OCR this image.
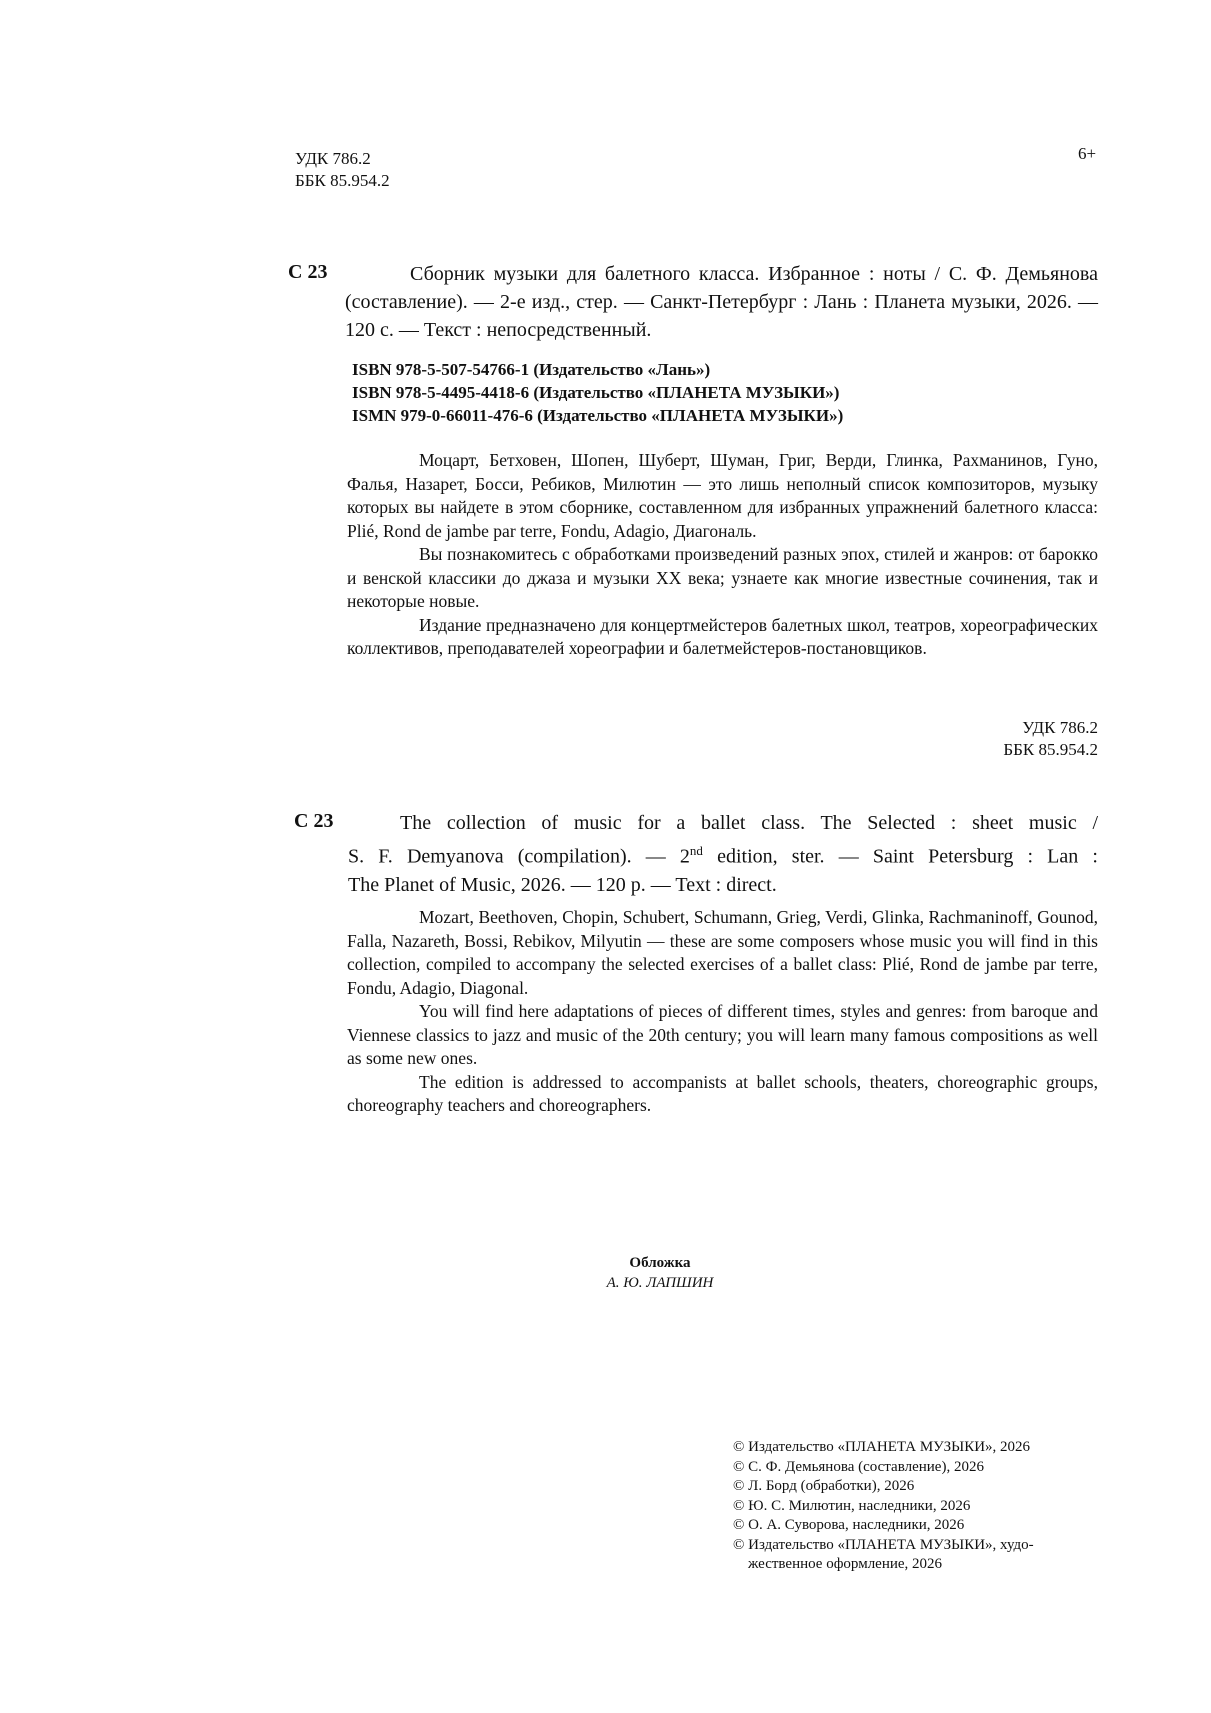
УДК 786.2
ББК 85.954.2
6+
С 23	Сборник музыки для балетного класса. Избранное : ноты / С. Ф. Демьянова (составление). — 2-е изд., стер. — Санкт-Петербург : Лань : Планета музыки, 2026. — 120 с. — Текст : непосредственный.
ISBN 978-5-507-54766-1 (Издательство «Лань»)
ISBN 978-5-4495-4418-6 (Издательство «ПЛАНЕТА МУЗЫКИ»)
ISMN 979-0-66011-476-6 (Издательство «ПЛАНЕТА МУЗЫКИ»)

Моцарт, Бетховен, Шопен, Шуберт, Шуман, Григ, Верди, Глинка, Рахманинов, Гуно, Фалья, Назарет, Босси, Ребиков, Милютин — это лишь неполный список композиторов, музыку которых вы найдете в этом сборнике, составленном для избранных упражнений балетного класса: Plié, Rond de jambe par terre, Fondu, Adagio, Диагональ.

Вы познакомитесь с обработками произведений разных эпох, стилей и жанров: от барокко и венской классики до джаза и музыки XX века; узнаете как многие известные сочинения, так и некоторые новые.

Издание предназначено для концертмейстеров балетных школ, театров, хореографических коллективов, преподавателей хореографии и балетмейстеров-постановщиков.

УДК 786.2
ББК 85.954.2
С 23	The collection of music for a ballet class. The Selected : sheet music /
S. F. Demyanova (compilation). — 2nd edition, ster. — Saint Petersburg : Lan :
The Planet of Music, 2026. — 120 p. — Text : direct.

Mozart, Beethoven, Chopin, Schubert, Schumann, Grieg, Verdi, Glinka, Rachmaninoff, Gounod, Falla, Nazareth, Bossi, Rebikov, Milyutin — these are some composers whose music you will find in this collection, compiled to accompany the selected exercises of a ballet class: Plié, Rond de jambe par terre, Fondu, Adagio, Diagonal.

You will find here adaptations of pieces of different times, styles and genres: from baroque and Viennese classics to jazz and music of the 20th century; you will learn many famous compositions as well as some new ones.

The edition is addressed to accompanists at ballet schools, theaters, choreographic groups, choreography teachers and choreographers.

Обложка
А. Ю. ЛАПШИН
© Издательство «ПЛАНЕТА МУЗЫКИ», 2026
© С. Ф. Демьянова (составление), 2026
© Л. Борд (обработки), 2026
© Ю. С. Милютин, наследники, 2026
© О. А. Суворова, наследники, 2026
© Издательство «ПЛАНЕТА МУЗЫКИ», худо-
жественное оформление, 2026
